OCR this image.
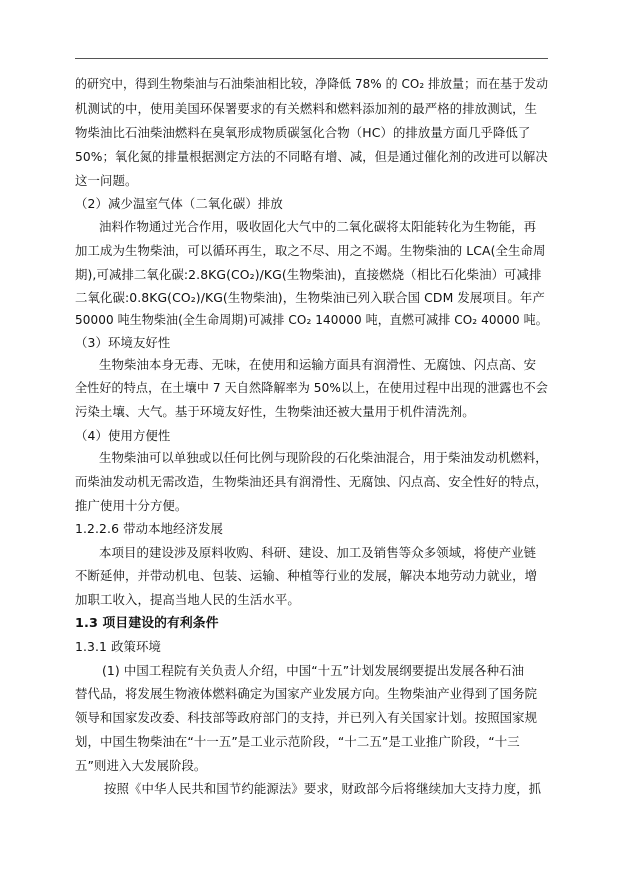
的研究中，得到生物柴油与石油柴油相比较，净降低 78% 的 CO₂ 排放量；而在基于发动
机测试的中，使用美国环保署要求的有关燃料和燃料添加剂的最严格的排放测试，生
物柴油比石油柴油燃料在臭氧形成物质碳氢化合物（HC）的排放量方面几乎降低了
50%；氧化氮的排量根据测定方法的不同略有增、减，但是通过催化剂的改进可以解决
这一问题。
（2）减少温室气体（二氧化碳）排放
油料作物通过光合作用，吸收固化大气中的二氧化碳将太阳能转化为生物能，再
加工成为生物柴油，可以循环再生，取之不尽、用之不竭。生物柴油的 LCA(全生命周
期),可减排二氧化碳:2.8KG(CO₂)/KG(生物柴油)，直接燃烧（相比石化柴油）可减排
二氧化碳:0.8KG(CO₂)/KG(生物柴油)，生物柴油已列入联合国 CDM 发展项目。年产
50000 吨生物柴油(全生命周期)可减排 CO₂ 140000 吨，直燃可减排 CO₂ 40000 吨。
（3）环境友好性
生物柴油本身无毒、无味，在使用和运输方面具有润滑性、无腐蚀、闪点高、安
全性好的特点，在土壤中 7 天自然降解率为 50%以上，在使用过程中出现的泄露也不会
污染土壤、大气。基于环境友好性，生物柴油还被大量用于机件清洗剂。
（4）使用方便性
生物柴油可以单独或以任何比例与现阶段的石化柴油混合，用于柴油发动机燃料，
而柴油发动机无需改造，生物柴油还具有润滑性、无腐蚀、闪点高、安全性好的特点，
推广使用十分方便。
1.2.2.6 带动本地经济发展
本项目的建设涉及原料收购、科研、建设、加工及销售等众多领域，将使产业链
不断延伸，并带动机电、包装、运输、种植等行业的发展，解决本地劳动力就业，增
加职工收入，提高当地人民的生活水平。
1.3 项目建设的有利条件
1.3.1 政策环境
(1) 中国工程院有关负责人介绍，中国“十五”计划发展纲要提出发展各种石油
替代品，将发展生物液体燃料确定为国家产业发展方向。生物柴油产业得到了国务院
领导和国家发改委、科技部等政府部门的支持，并已列入有关国家计划。按照国家规
划，中国生物柴油在“十一五”是工业示范阶段，“十二五”是工业推广阶段，“十三
五”则进入大发展阶段。
按照《中华人民共和国节约能源法》要求，财政部今后将继续加大支持力度，抓
